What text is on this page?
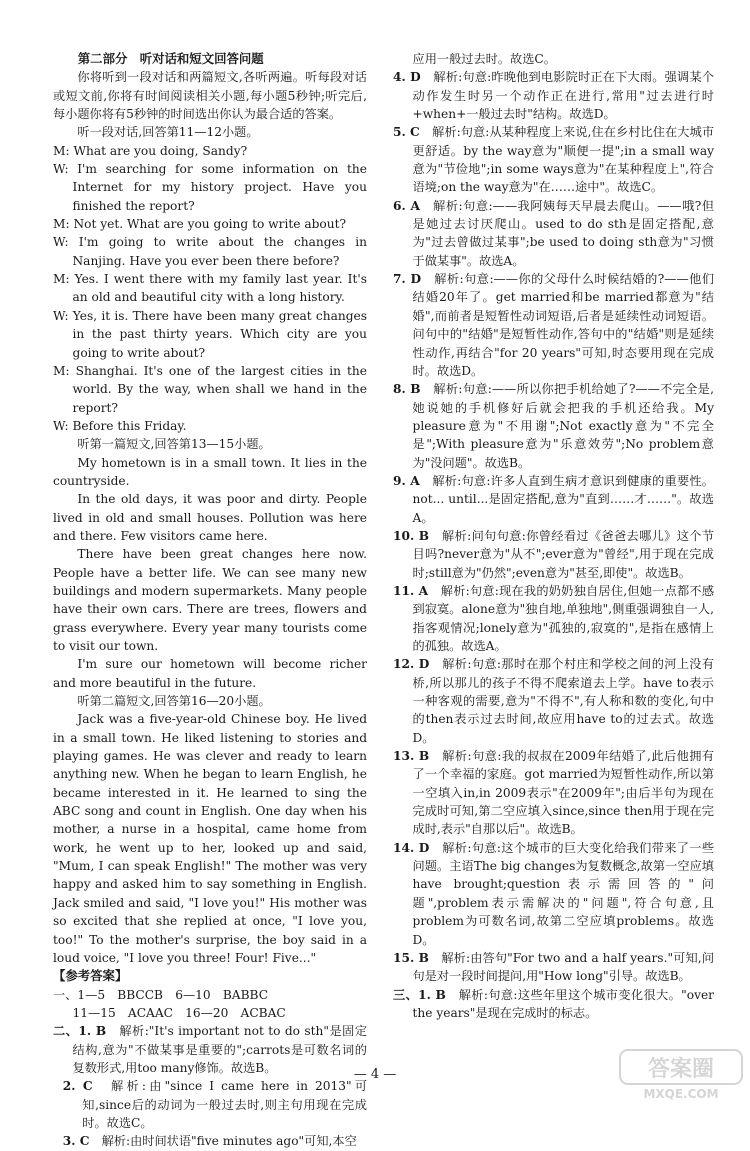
第二部分　听对话和短文回答问题

你将听到一段对话和两篇短文,各听两遍。听每段对话或短文前,你将有时间阅读相关小题,每小题5秒钟;听完后,每小题你将有5秒钟的时间选出你认为最合适的答案。

听一段对话,回答第11—12小题。

M: What are you doing, Sandy?

W: I'm searching for some information on the Internet for my history project. Have you finished the report?

M: Not yet. What are you going to write about?

W: I'm going to write about the changes in Nanjing. Have you ever been there before?

M: Yes. I went there with my family last year. It's an old and beautiful city with a long history.

W: Yes, it is. There have been many great changes in the past thirty years. Which city are you going to write about?

M: Shanghai. It's one of the largest cities in the world. By the way, when shall we hand in the report?

W: Before this Friday.

听第一篇短文,回答第13—15小题。

My hometown is in a small town. It lies in the countryside.

In the old days, it was poor and dirty. People lived in old and small houses. Pollution was here and there. Few visitors came here.

There have been great changes here now. People have a better life. We can see many new buildings and modern supermarkets. Many people have their own cars. There are trees, flowers and grass everywhere. Every year many tourists come to visit our town.

I'm sure our hometown will become richer and more beautiful in the future.

听第二篇短文,回答第16—20小题。

Jack was a five-year-old Chinese boy. He lived in a small town. He liked listening to stories and playing games. He was clever and ready to learn anything new. When he began to learn English, he became interested in it. He learned to sing the ABC song and count in English. One day when his mother, a nurse in a hospital, came home from work, he went up to her, looked up and said, "Mum, I can speak English!" The mother was very happy and asked him to say something in English. Jack smiled and said, "I love you!" His mother was so excited that she replied at once, "I love you, too!" To the mother's surprise, the boy said in a loud voice, "I love you three! Four! Five..."

【参考答案】

一、1—5　BBCCB　6—10　BABBC

11—15　ACAAC　16—20　ACBAC

二、1. B　 解析:"It's important not to do sth"是固定结构,意为"不做某事是重要的";carrots是可数名词的复数形式,用too many修饰。故选B。

2. C　 解析:由"since I came here in 2013"可知,since后的动词为一般过去时,则主句用现在完成时。故选C。

3. C　 解析:由时间状语"five minutes ago"可知,本空

应用一般过去时。故选C。

4. D　 解析:句意:昨晚他到电影院时正在下大雨。强调某个动作发生时另一个动作正在进行,常用"过去进行时+when+一般过去时"结构。故选D。

5. C　 解析:句意:从某种程度上来说,住在乡村比住在大城市更舒适。by the way意为"顺便一提";in a small way意为"节俭地";in some ways意为"在某种程度上",符合语境;on the way意为"在……途中"。故选C。

6. A　 解析:句意:——我阿姨每天早晨去爬山。——哦?但是她过去讨厌爬山。used to do sth是固定搭配,意为"过去曾做过某事";be used to doing sth意为"习惯于做某事"。故选A。

7. D　 解析:句意:——你的父母什么时候结婚的?——他们结婚20年了。get married和be married都意为"结婚",而前者是短暂性动词短语,后者是延续性动词短语。问句中的"结婚"是短暂性动作,答句中的"结婚"则是延续性动作,再结合"for 20 years"可知,时态要用现在完成时。故选D。

8. B　 解析:句意:——所以你把手机给她了?——不完全是,她说她的手机修好后就会把我的手机还给我。My pleasure意为"不用谢";Not exactly意为"不完全是";With pleasure意为"乐意效劳";No problem意为"没问题"。故选B。

9. A　 解析:句意:许多人直到生病才意识到健康的重要性。not... until...是固定搭配,意为"直到……才……"。故选A。

10. B　 解析:问句句意:你曾经看过《爸爸去哪儿》这个节目吗?never意为"从不";ever意为"曾经",用于现在完成时;still意为"仍然";even意为"甚至,即使"。故选B。

11. A　 解析:句意:现在我的奶奶独自居住,但她一点都不感到寂寞。alone意为"独自地,单独地",侧重强调独自一人,指客观情况;lonely意为"孤独的,寂寞的",是指在感情上的孤独。故选A。

12. D　 解析:句意:那时在那个村庄和学校之间的河上没有桥,所以那儿的孩子不得不爬索道去上学。have to表示一种客观的需要,意为"不得不",有人称和数的变化,句中的then表示过去时间,故应用have to的过去式。故选D。

13. B　 解析:句意:我的叔叔在2009年结婚了,此后他拥有了一个幸福的家庭。got married为短暂性动作,所以第一空填入in,in 2009表示"在2009年";由后半句为现在完成时可知,第二空应填入since,since then用于现在完成时,表示"自那以后"。故选B。

14. D　 解析:句意:这个城市的巨大变化给我们带来了一些问题。主语The big changes为复数概念,故第一空应填have brought;question表示需回答的"问题",problem表示需解决的"问题",符合句意,且problem为可数名词,故第二空应填problems。故选D。

15. B　 解析:由答句"For two and a half years."可知,问句是对一段时间提问,用"How long"引导。故选B。

三、1. B　 解析:句意:这些年里这个城市变化很大。"over the years"是现在完成时的标志。

— 4 —	答案圈
MXQE.COM
